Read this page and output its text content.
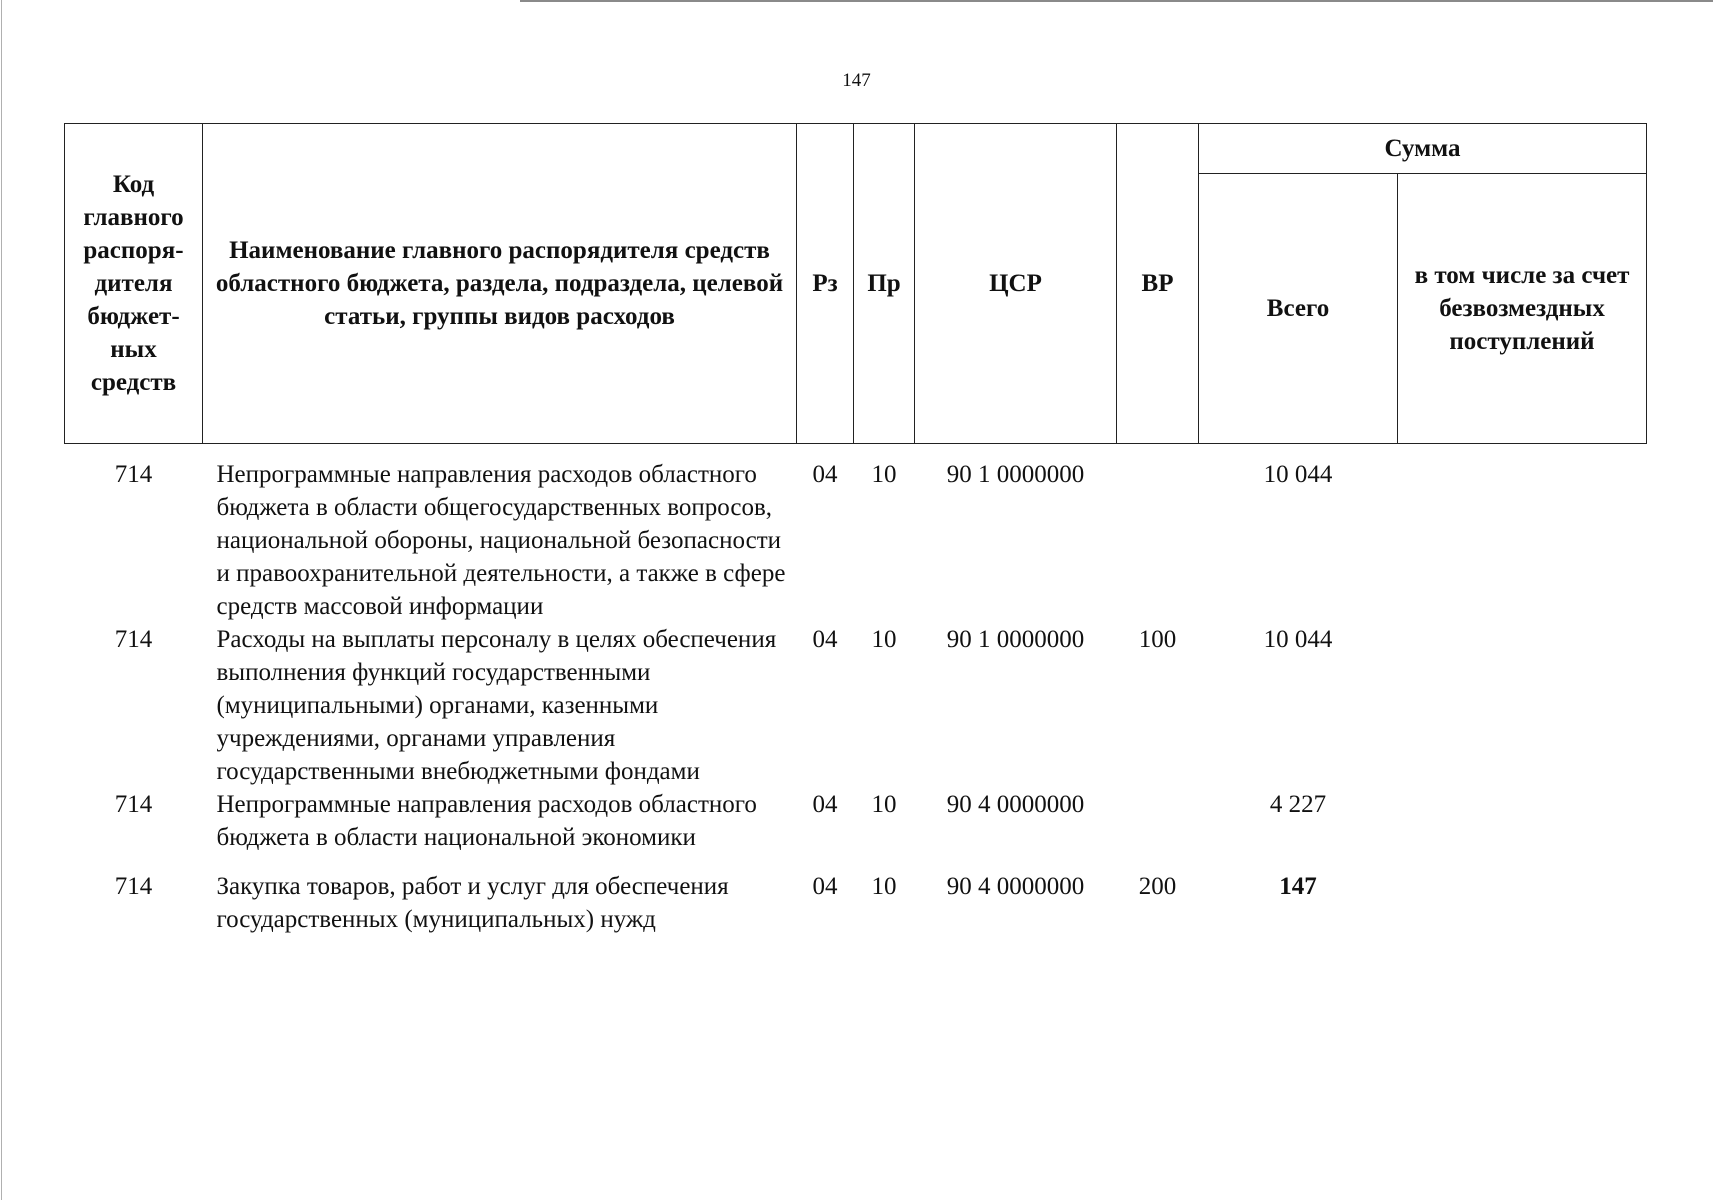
147
Код главного распоря-дителя бюджет-ных средств	Наименование главного распорядителя средств областного бюджета, раздела, подраздела, целевой статьи, группы видов расходов	Рз	Пр	ЦСР	ВР	Сумма	
						Всего	в том числе за счет безвозмездных поступлений

714	Непрограммные направления расходов областного бюджета в области общегосударственных вопросов, национальной обороны, национальной безопасности и правоохранительной деятельности, а также в сфере средств массовой информации	04	10	90 1 0000000		10 044	
714	Расходы на выплаты персоналу в целях обеспечения выполнения функций государственными (муниципальными) органами, казенными учреждениями, органами управления государственными внебюджетными фондами	04	10	90 1 0000000	100	10 044	
714	Непрограммные направления расходов областного бюджета в области национальной экономики	04	10	90 4 0000000		4 227	

714	Закупка товаров, работ и услуг для обеспечения государственных (муниципальных) нужд	04	10	90 4 0000000	200	147	
